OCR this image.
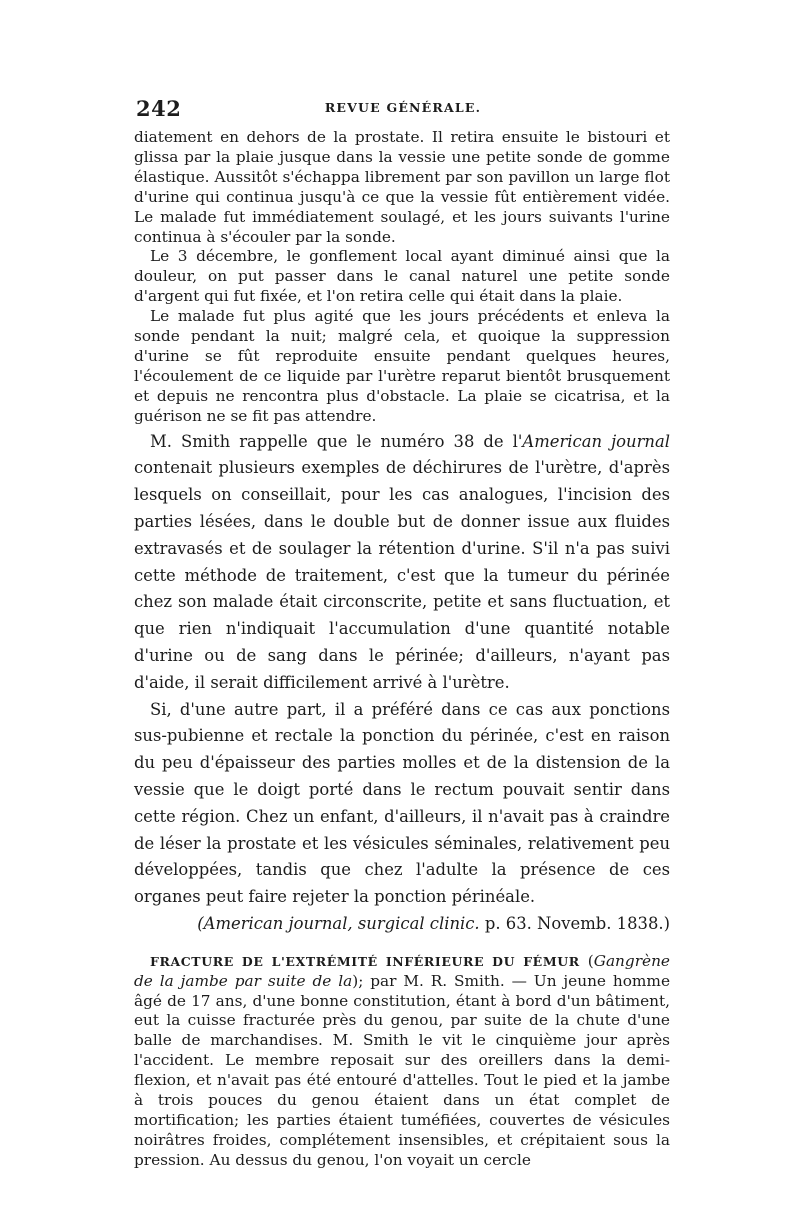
242	REVUE GÉNÉRALE.

diatement en dehors de la prostate. Il retira ensuite le bistouri et glissa par la plaie jusque dans la vessie une petite sonde de gomme élastique. Aussitôt s'échappa librement par son pavillon un large flot d'urine qui continua jusqu'à ce que la vessie fût entièrement vidée. Le malade fut immédiatement soulagé, et les jours suivants l'urine continua à s'écouler par la sonde.

Le 3 décembre, le gonflement local ayant diminué ainsi que la douleur, on put passer dans le canal naturel une petite sonde d'argent qui fut fixée, et l'on retira celle qui était dans la plaie.

Le malade fut plus agité que les jours précédents et enleva la sonde pendant la nuit; malgré cela, et quoique la suppression d'urine se fût reproduite ensuite pendant quelques heures, l'écoulement de ce liquide par l'urètre reparut bientôt brusquement et depuis ne rencontra plus d'obstacle. La plaie se cicatrisa, et la guérison ne se fit pas attendre.

M. Smith rappelle que le numéro 38 de l'American journal contenait plusieurs exemples de déchirures de l'urètre, d'après lesquels on conseillait, pour les cas analogues, l'incision des parties lésées, dans le double but de donner issue aux fluides extravasés et de soulager la rétention d'urine. S'il n'a pas suivi cette méthode de traitement, c'est que la tumeur du périnée chez son malade était circonscrite, petite et sans fluctuation, et que rien n'indiquait l'accumulation d'une quantité notable d'urine ou de sang dans le périnée; d'ailleurs, n'ayant pas d'aide, il serait difficilement arrivé à l'urètre.

Si, d'une autre part, il a préféré dans ce cas aux ponctions sus-pubienne et rectale la ponction du périnée, c'est en raison du peu d'épaisseur des parties molles et de la distension de la vessie que le doigt porté dans le rectum pouvait sentir dans cette région. Chez un enfant, d'ailleurs, il n'avait pas à craindre de léser la prostate et les vésicules séminales, relativement peu développées, tandis que chez l'adulte la présence de ces organes peut faire rejeter la ponction périnéale.

(American journal, surgical clinic. p. 63. Novemb. 1838.)

FRACTURE DE L'EXTRÉMITÉ INFÉRIEURE DU FÉMUR (Gangrène de la jambe par suite de la); par M. R. Smith. — Un jeune homme âgé de 17 ans, d'une bonne constitution, étant à bord d'un bâtiment, eut la cuisse fracturée près du genou, par suite de la chute d'une balle de marchandises. M. Smith le vit le cinquième jour après l'accident. Le membre reposait sur des oreillers dans la demi-flexion, et n'avait pas été entouré d'attelles. Tout le pied et la jambe à trois pouces du genou étaient dans un état complet de mortification; les parties étaient tuméfiées, couvertes de vésicules noirâtres froides, complétement insensibles, et crépitaient sous la pression. Au dessus du genou, l'on voyait un cercle
